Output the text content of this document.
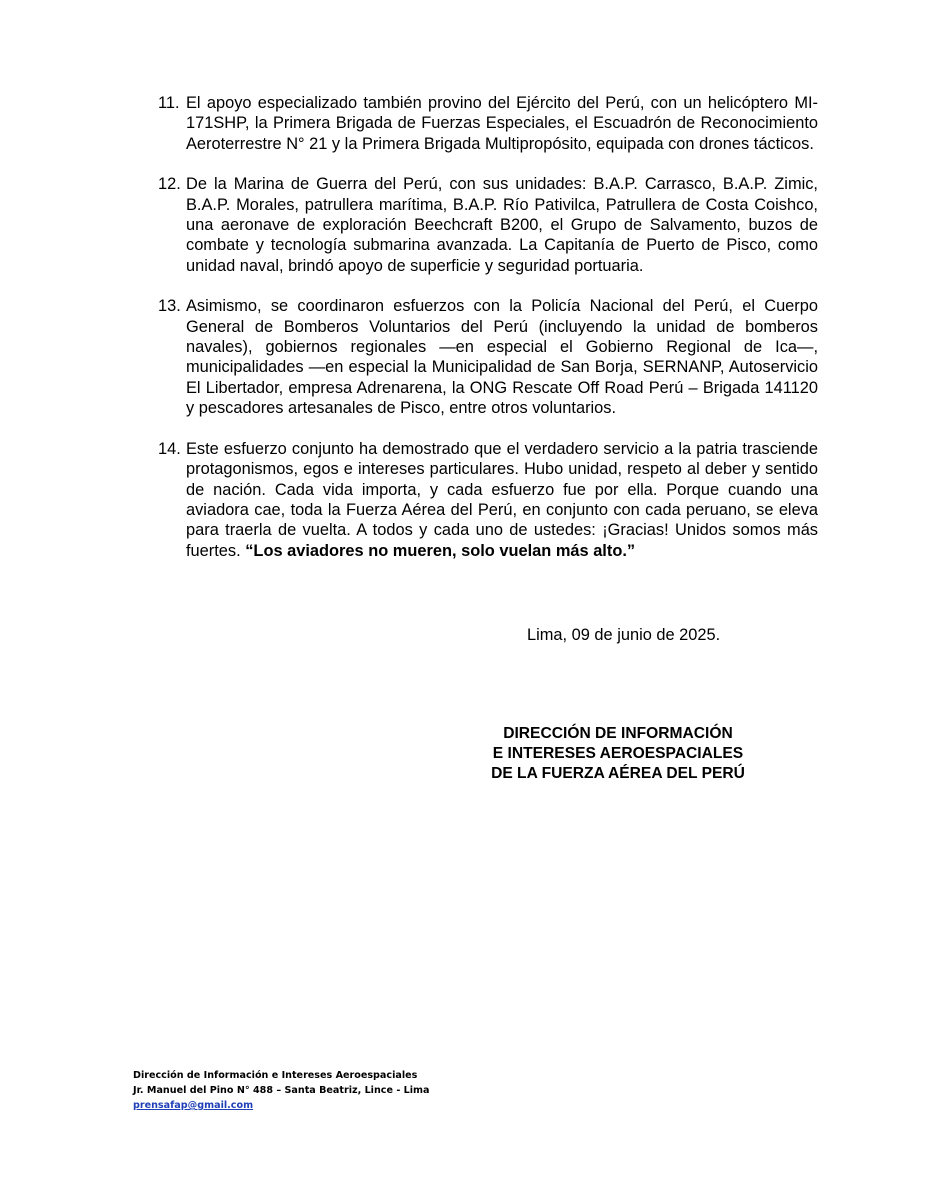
11. El apoyo especializado también provino del Ejército del Perú, con un helicóptero MI-171SHP, la Primera Brigada de Fuerzas Especiales, el Escuadrón de Reconocimiento Aeroterrestre N° 21 y la Primera Brigada Multipropósito, equipada con drones tácticos.
12. De la Marina de Guerra del Perú, con sus unidades: B.A.P. Carrasco, B.A.P. Zimic, B.A.P. Morales, patrullera marítima, B.A.P. Río Pativilca, Patrullera de Costa Coishco, una aeronave de exploración Beechcraft B200, el Grupo de Salvamento, buzos de combate y tecnología submarina avanzada. La Capitanía de Puerto de Pisco, como unidad naval, brindó apoyo de superficie y seguridad portuaria.
13. Asimismo, se coordinaron esfuerzos con la Policía Nacional del Perú, el Cuerpo General de Bomberos Voluntarios del Perú (incluyendo la unidad de bomberos navales), gobiernos regionales —en especial el Gobierno Regional de Ica—, municipalidades —en especial la Municipalidad de San Borja, SERNANP, Autoservicio El Libertador, empresa Adrenarena, la ONG Rescate Off Road Perú – Brigada 141120 y pescadores artesanales de Pisco, entre otros voluntarios.
14. Este esfuerzo conjunto ha demostrado que el verdadero servicio a la patria trasciende protagonismos, egos e intereses particulares. Hubo unidad, respeto al deber y sentido de nación. Cada vida importa, y cada esfuerzo fue por ella. Porque cuando una aviadora cae, toda la Fuerza Aérea del Perú, en conjunto con cada peruano, se eleva para traerla de vuelta. A todos y cada uno de ustedes: ¡Gracias! Unidos somos más fuertes. “Los aviadores no mueren, solo vuelan más alto.”
Lima, 09 de junio de 2025.
DIRECCIÓN DE INFORMACIÓN
E INTERESES AEROESPACIALES
DE LA FUERZA AÉREA DEL PERÚ
Dirección de Información e Intereses Aeroespaciales
Jr. Manuel del Pino N° 488 – Santa Beatriz, Lince - Lima
prensafap@gmail.com
